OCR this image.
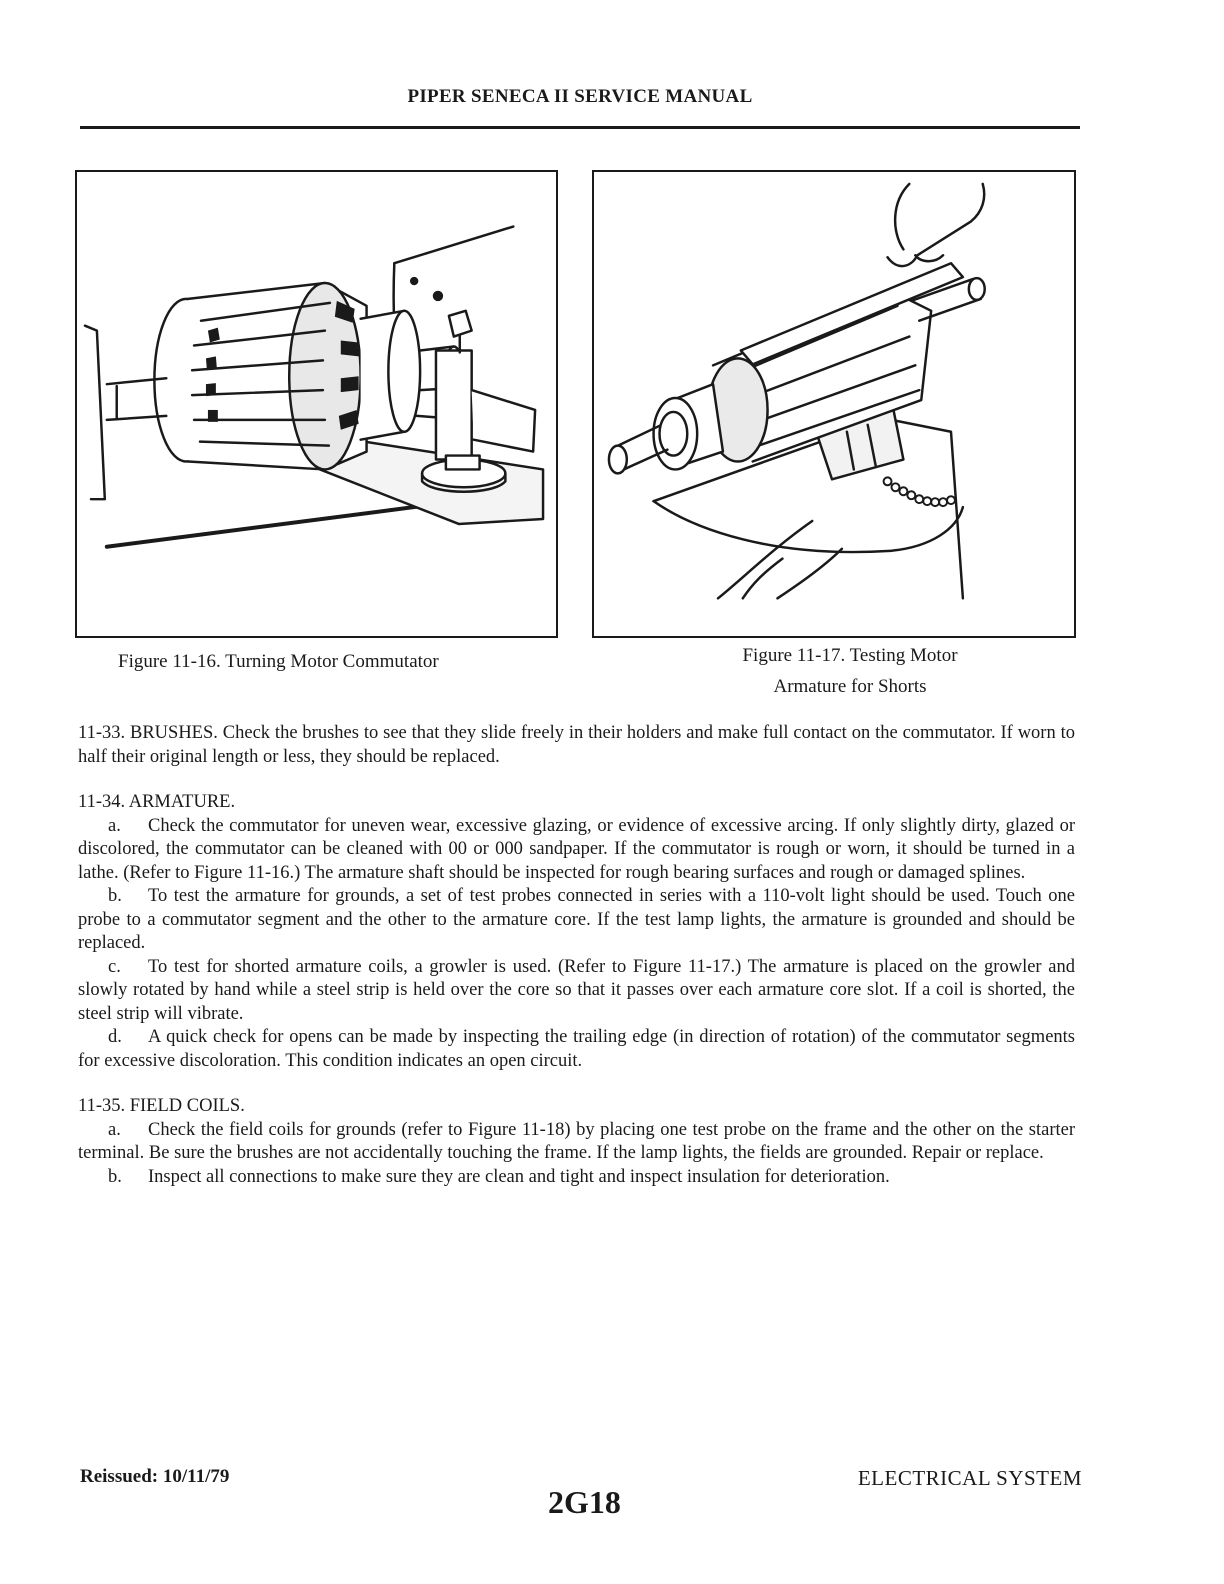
PIPER SENECA II SERVICE MANUAL
Figure 11-16. Turning Motor Commutator	Figure 11-17. Testing Motor
Armature for Shorts

11-33. BRUSHES. Check the brushes to see that they slide freely in their holders and make full contact on the commutator. If worn to half their original length or less, they should be replaced.

11-34. ARMATURE.

a. Check the commutator for uneven wear, excessive glazing, or evidence of excessive arcing. If only slightly dirty, glazed or discolored, the commutator can be cleaned with 00 or 000 sandpaper. If the commutator is rough or worn, it should be turned in a lathe. (Refer to Figure 11-16.) The armature shaft should be inspected for rough bearing surfaces and rough or damaged splines.

b. To test the armature for grounds, a set of test probes connected in series with a 110-volt light should be used. Touch one probe to a commutator segment and the other to the armature core. If the test lamp lights, the armature is grounded and should be replaced.

c. To test for shorted armature coils, a growler is used. (Refer to Figure 11-17.) The armature is placed on the growler and slowly rotated by hand while a steel strip is held over the core so that it passes over each armature core slot. If a coil is shorted, the steel strip will vibrate.

d. A quick check for opens can be made by inspecting the trailing edge (in direction of rotation) of the commutator segments for excessive discoloration. This condition indicates an open circuit.

11-35. FIELD COILS.

a. Check the field coils for grounds (refer to Figure 11-18) by placing one test probe on the frame and the other on the starter terminal. Be sure the brushes are not accidentally touching the frame. If the lamp lights, the fields are grounded. Repair or replace.

b. Inspect all connections to make sure they are clean and tight and inspect insulation for deterioration.

Reissued: 10/11/79
2G18
ELECTRICAL SYSTEM
